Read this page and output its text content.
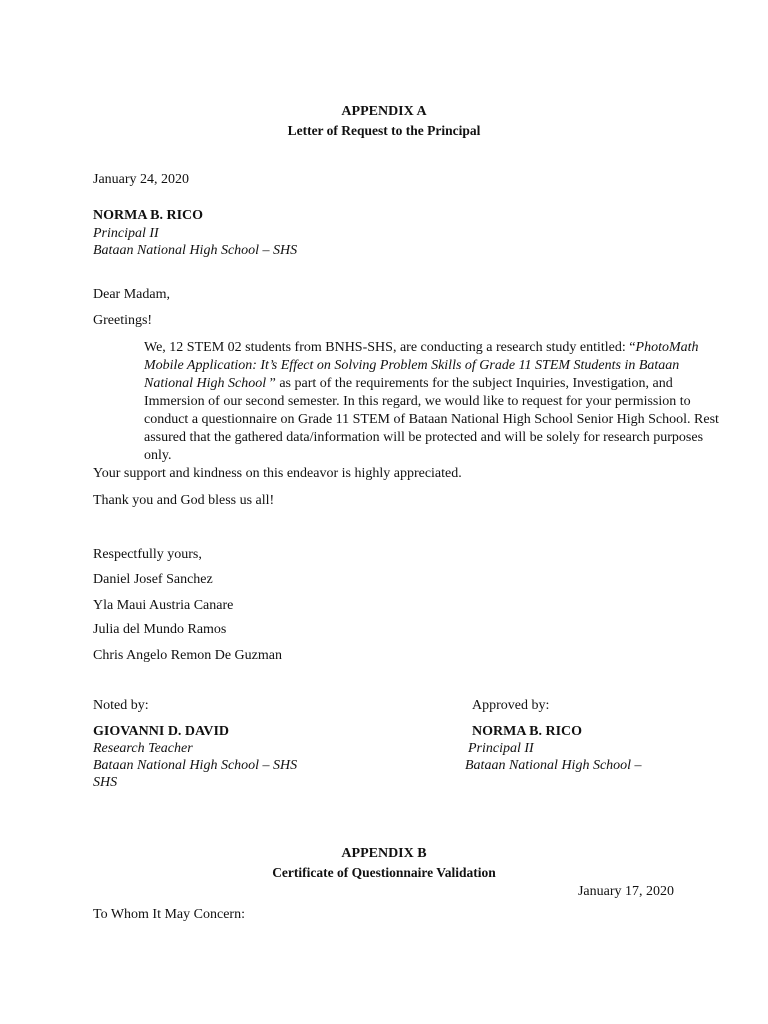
APPENDIX A
Letter of Request to the Principal
January 24, 2020
NORMA B. RICO
Principal II
Bataan National High School – SHS
Dear Madam,
Greetings!
We, 12 STEM 02 students from BNHS-SHS, are conducting a research study entitled: “PhotoMath Mobile Application: It’s Effect on Solving Problem Skills of Grade 11 STEM Students in Bataan National High School ” as part of the requirements for the subject Inquiries, Investigation, and Immersion of our second semester. In this regard, we would like to request for your permission to conduct a questionnaire on Grade 11 STEM of Bataan National High School Senior High School. Rest assured that the gathered data/information will be protected and will be solely for research purposes only.
Your support and kindness on this endeavor is highly appreciated.
Thank you and God bless us all!
Respectfully yours,
Daniel Josef Sanchez
Yla Maui Austria Canare
Julia del Mundo Ramos
Chris Angelo Remon De Guzman
Noted by:
GIOVANNI D. DAVID
Research Teacher
Bataan National High School – SHS
Approved by:
NORMA B. RICO
Principal II
Bataan National High School –
SHS
APPENDIX B
Certificate of Questionnaire Validation
January 17, 2020
To Whom It May Concern:
